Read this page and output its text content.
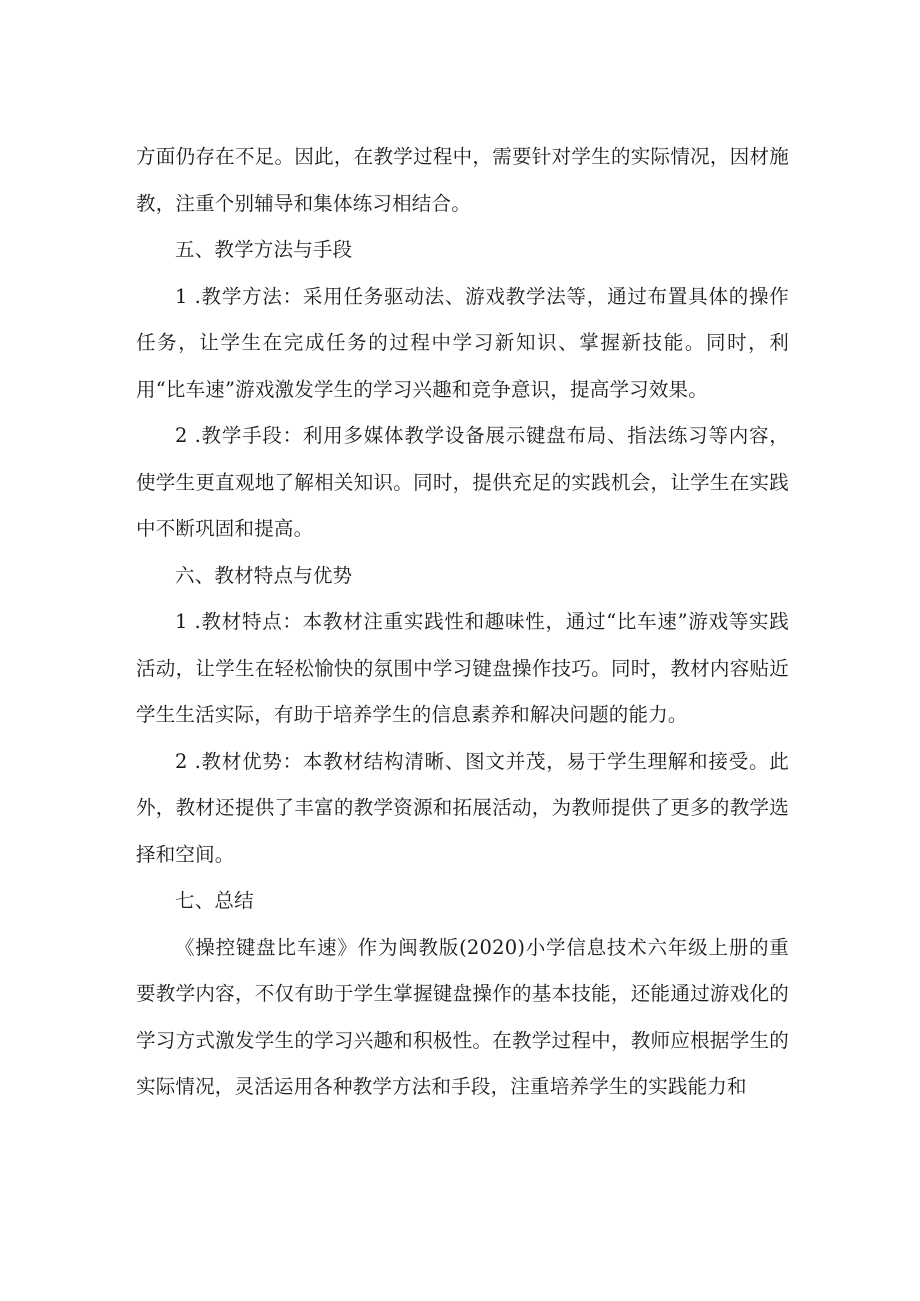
方面仍存在不足。因此，在教学过程中，需要针对学生的实际情况，因材施教，注重个别辅导和集体练习相结合。

五、教学方法与手段

1 .教学方法：采用任务驱动法、游戏教学法等，通过布置具体的操作任务，让学生在完成任务的过程中学习新知识、掌握新技能。同时，利用“比车速”游戏激发学生的学习兴趣和竞争意识，提高学习效果。

2 .教学手段：利用多媒体教学设备展示键盘布局、指法练习等内容，使学生更直观地了解相关知识。同时，提供充足的实践机会，让学生在实践中不断巩固和提高。

六、教材特点与优势

1 .教材特点：本教材注重实践性和趣味性，通过“比车速”游戏等实践活动，让学生在轻松愉快的氛围中学习键盘操作技巧。同时，教材内容贴近学生生活实际，有助于培养学生的信息素养和解决问题的能力。

2 .教材优势：本教材结构清晰、图文并茂，易于学生理解和接受。此外，教材还提供了丰富的教学资源和拓展活动，为教师提供了更多的教学选择和空间。

七、总结

《操控键盘比车速》作为闽教版(2020)小学信息技术六年级上册的重要教学内容，不仅有助于学生掌握键盘操作的基本技能，还能通过游戏化的学习方式激发学生的学习兴趣和积极性。在教学过程中，教师应根据学生的实际情况，灵活运用各种教学方法和手段，注重培养学生的实践能力和
